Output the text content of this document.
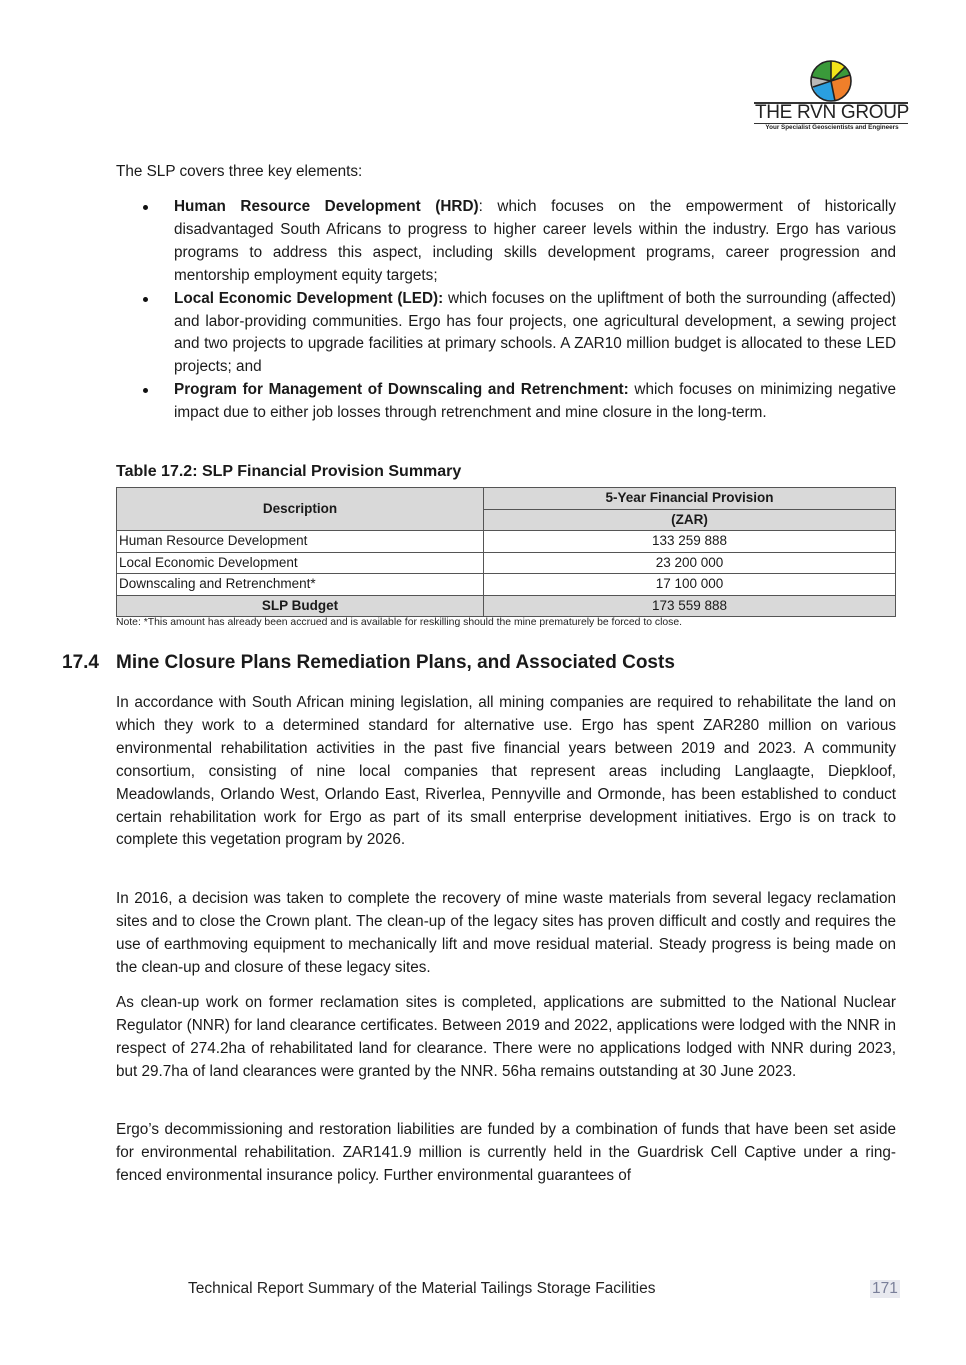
THE RVN GROUP
Your Specialist Geoscientists and Engineers

The SLP covers three key elements:

Human Resource Development (HRD): which focuses on the empowerment of historically disadvantaged South Africans to progress to higher career levels within the industry. Ergo has various programs to address this aspect, including skills development programs, career progression and mentorship employment equity targets;
Local Economic Development (LED): which focuses on the upliftment of both the surrounding (affected) and labor-providing communities. Ergo has four projects, one agricultural development, a sewing project and two projects to upgrade facilities at primary schools. A ZAR10 million budget is allocated to these LED projects; and
Program for Management of Downscaling and Retrenchment: which focuses on minimizing negative impact due to either job losses through retrenchment and mine closure in the long-term.
Table 17.2: SLP Financial Provision Summary
Description	5-Year Financial Provision
	(ZAR)
Human Resource Development	133 259 888
Local Economic Development	23 200 000
Downscaling and Retrenchment*	17 100 000
SLP Budget	173 559 888
Note: *This amount has already been accrued and is available for reskilling should the mine prematurely be forced to close.
17.4 Mine Closure Plans Remediation Plans, and Associated Costs

In accordance with South African mining legislation, all mining companies are required to rehabilitate the land on which they work to a determined standard for alternative use. Ergo has spent ZAR280 million on various environmental rehabilitation activities in the past five financial years between 2019 and 2023. A community consortium, consisting of nine local companies that represent areas including Langlaagte, Diepkloof, Meadowlands, Orlando West, Orlando East, Riverlea, Pennyville and Ormonde, has been established to conduct certain rehabilitation work for Ergo as part of its small enterprise development initiatives. Ergo is on track to complete this vegetation program by 2026.

In 2016, a decision was taken to complete the recovery of mine waste materials from several legacy reclamation sites and to close the Crown plant. The clean-up of the legacy sites has proven difficult and costly and requires the use of earthmoving equipment to mechanically lift and move residual material. Steady progress is being made on the clean-up and closure of these legacy sites.

As clean-up work on former reclamation sites is completed, applications are submitted to the National Nuclear Regulator (NNR) for land clearance certificates. Between 2019 and 2022, applications were lodged with the NNR in respect of 274.2ha of rehabilitated land for clearance. There were no applications lodged with NNR during 2023, but 29.7ha of land clearances were granted by the NNR. 56ha remains outstanding at 30 June 2023.

Ergo’s decommissioning and restoration liabilities are funded by a combination of funds that have been set aside for environmental rehabilitation. ZAR141.9 million is currently held in the Guardrisk Cell Captive under a ring-fenced environmental insurance policy. Further environmental guarantees of

Technical Report Summary of the Material Tailings Storage Facilities	171
